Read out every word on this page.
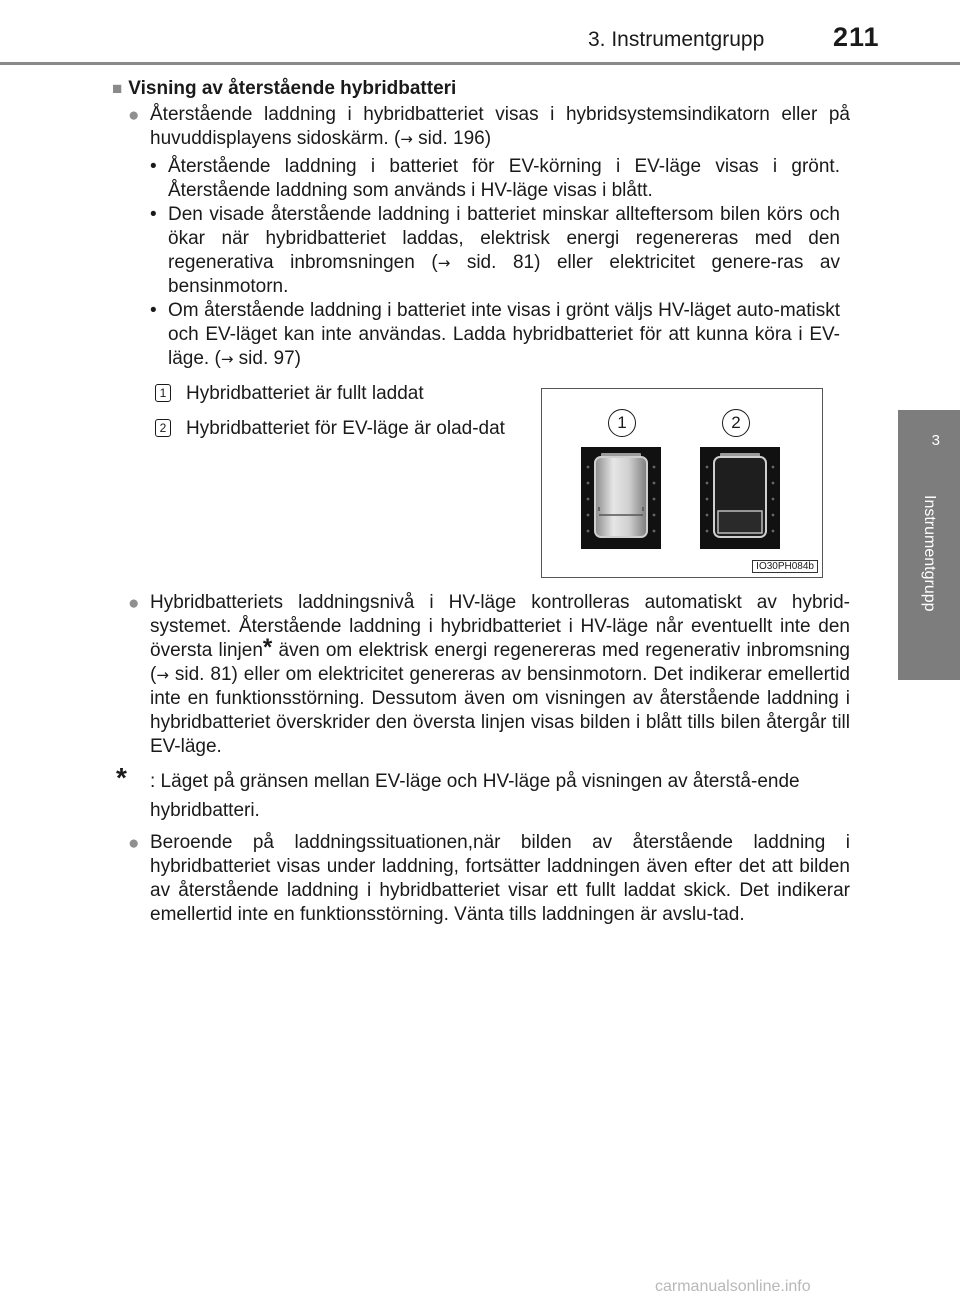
3. Instrumentgrupp	211
3
Instrumentgrupp
■ Visning av återstående hybridbatteri
● Återstående laddning i hybridbatteriet visas i hybridsystemsindikatorn eller på huvuddisplayens sidoskärm. (→ sid. 196)
• Återstående laddning i batteriet för EV-körning i EV-läge visas i grönt. Återstående laddning som används i HV-läge visas i blått.
• Den visade återstående laddning i batteriet minskar allteftersom bilen körs och ökar när hybridbatteriet laddas, elektrisk energi regenereras med den regenerativa inbromsningen (→ sid. 81) eller elektricitet genere-ras av bensinmotorn.
• Om återstående laddning i batteriet inte visas i grönt väljs HV-läget auto-matiskt och EV-läget kan inte användas. Ladda hybridbatteriet för att kunna köra i EV-läge. (→ sid. 97)
1 Hybridbatteriet är fullt laddat
2 Hybridbatteriet för EV-läge är olad-dat	1	2
IO30PH084b
● Hybridbatteriets laddningsnivå i HV-läge kontrolleras automatiskt av hybrid-systemet. Återstående laddning i hybridbatteriet i HV-läge når eventuellt inte den översta linjen* även om elektrisk energi regenereras med regenerativ inbromsning (→ sid. 81) eller om elektricitet genereras av bensinmotorn. Det indikerar emellertid inte en funktionsstörning. Dessutom även om visningen av återstående laddning i hybridbatteriet överskrider den översta linjen visas bilden i blått tills bilen återgår till EV-läge.
* : Läget på gränsen mellan EV-läge och HV-läge på visningen av återstå-ende hybridbatteri.
● Beroende på laddningssituationen,när bilden av återstående laddning i hybridbatteriet visas under laddning, fortsätter laddningen även efter det att bilden av återstående laddning i hybridbatteriet visar ett fullt laddat skick. Det indikerar emellertid inte en funktionsstörning. Vänta tills laddningen är avslu-tad.
carmanualsonline.info
